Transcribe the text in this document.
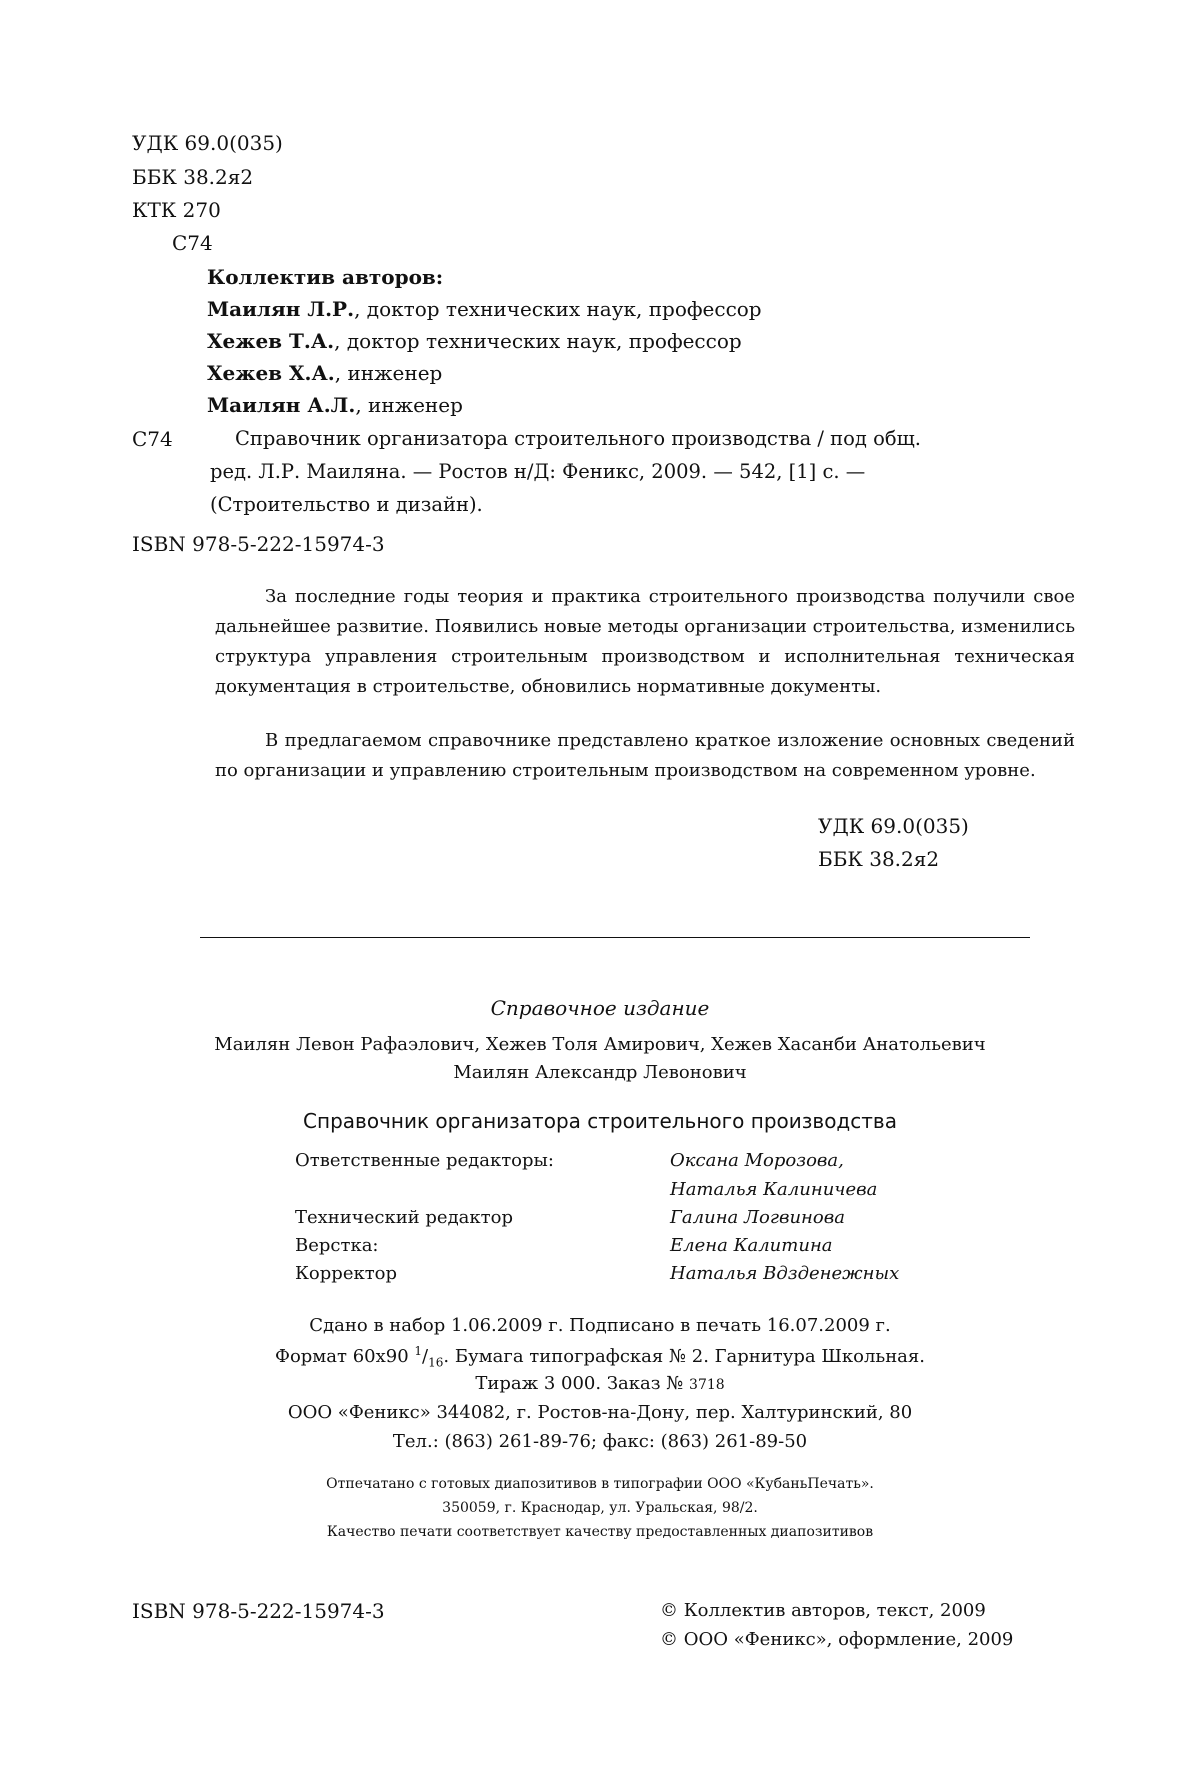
УДК 69.0(035)
ББК 38.2я2
КТК 270
С74
Коллектив авторов:
Маилян Л.Р., доктор технических наук, профессор
Хежев Т.А., доктор технических наук, профессор
Хежев Х.А., инженер
Маилян А.Л., инженер
С74	Справочник организатора строительного производства / под общ.
ред. Л.Р. Маиляна. — Ростов н/Д: Феникс, 2009. — 542, [1] с. —
(Строительство и дизайн).
ISBN 978-5-222-15974-3
За последние годы теория и практика строительного производства получили свое дальнейшее развитие. Появились новые методы организации строительства, изменились структура управления строительным производством и исполнительная техническая документация в строительстве, обновились нормативные документы.
В предлагаемом справочнике представлено краткое изложение основных сведений по организации и управлению строительным производством на современном уровне.
УДК 69.0(035)
ББК 38.2я2
Справочное издание
Маилян Левон Рафаэлович, Хежев Толя Амирович, Хежев Хасанби Анатольевич
Маилян Александр Левонович
Справочник организатора строительного производства
Ответственные редакторы:	Оксана Морозова,
Наталья Калиничева
Технический редактор	Галина Логвинова
Верстка:	Елена Калитина
Корректор	Наталья Вдзденежных
Сдано в набор 1.06.2009 г. Подписано в печать 16.07.2009 г.
Формат 60x90 $^1/_{16}$. Бумага типографская № 2. Гарнитура Школьная.
Тираж 3 000. Заказ № 3718
ООО «Феникс» 344082, г. Ростов-на-Дону, пер. Халтуринский, 80
Тел.: (863) 261-89-76; факс: (863) 261-89-50
Отпечатано с готовых диапозитивов в типографии ООО «КубаньПечать».
350059, г. Краснодар, ул. Уральская, 98/2.
Качество печати соответствует качеству предоставленных диапозитивов
ISBN 978-5-222-15974-3	© Коллектив авторов, текст, 2009
© ООО «Феникс», оформление, 2009
